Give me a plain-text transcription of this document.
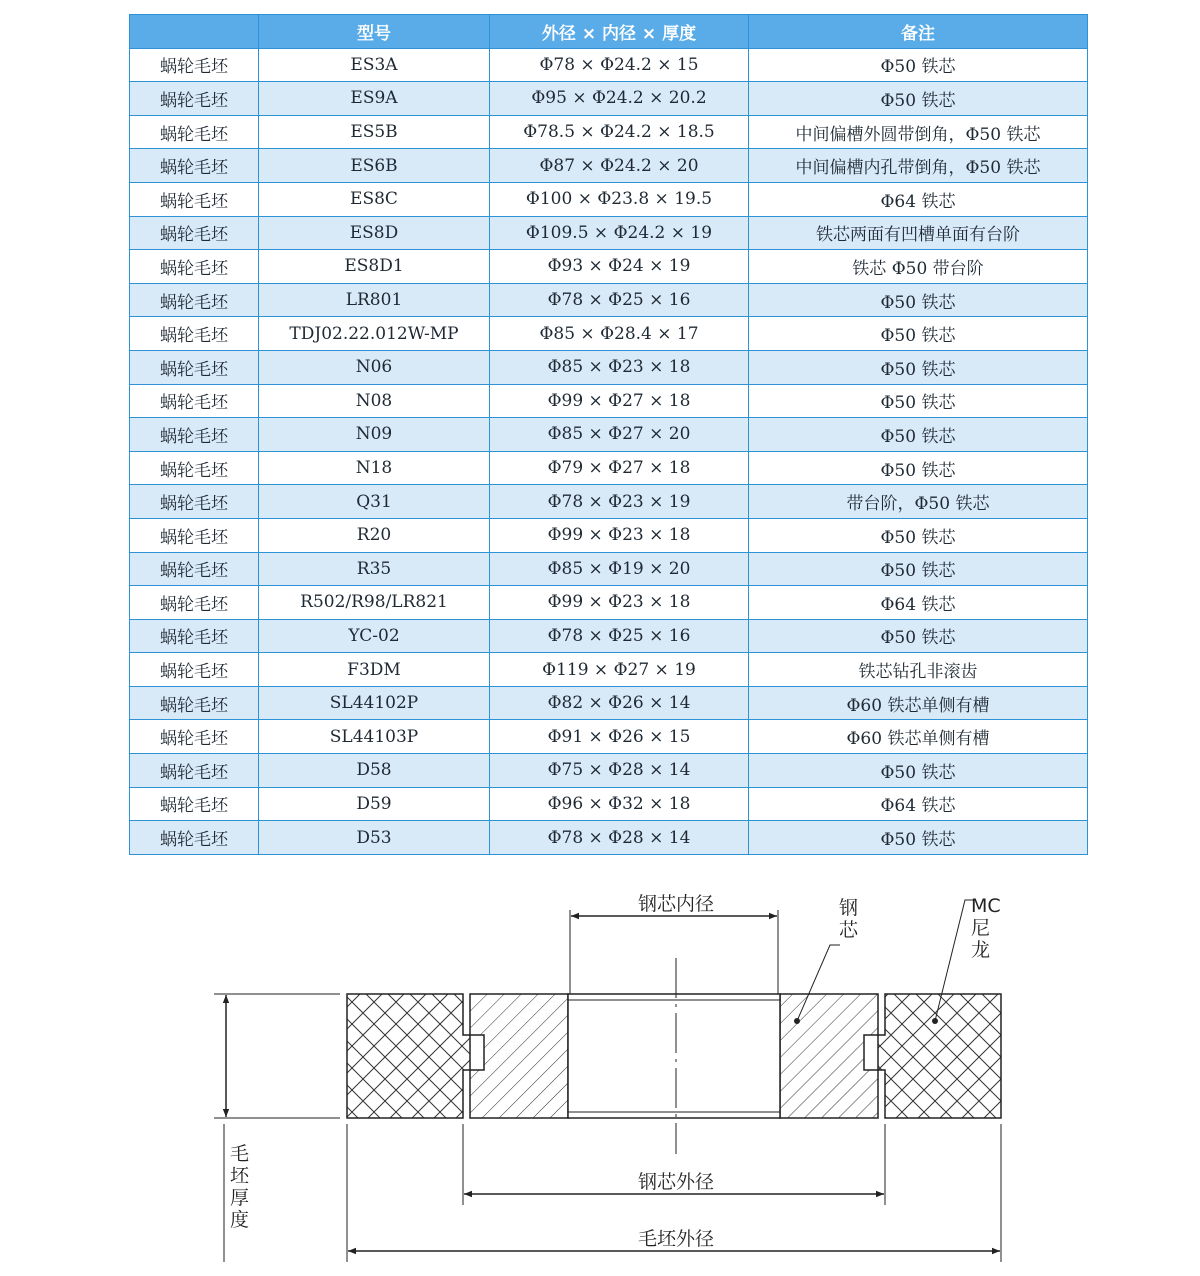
	型号	外径 × 内径 × 厚度	备注
蜗轮毛坯	ES3A	Φ78 × Φ24.2 × 15	Φ50 铁芯
蜗轮毛坯	ES9A	Φ95 × Φ24.2 × 20.2	Φ50 铁芯
蜗轮毛坯	ES5B	Φ78.5 × Φ24.2 × 18.5	中间偏槽外圆带倒角，Φ50 铁芯
蜗轮毛坯	ES6B	Φ87 × Φ24.2 × 20	中间偏槽内孔带倒角，Φ50 铁芯
蜗轮毛坯	ES8C	Φ100 × Φ23.8 × 19.5	Φ64 铁芯
蜗轮毛坯	ES8D	Φ109.5 × Φ24.2 × 19	铁芯两面有凹槽单面有台阶
蜗轮毛坯	ES8D1	Φ93 × Φ24 × 19	铁芯 Φ50 带台阶
蜗轮毛坯	LR801	Φ78 × Φ25 × 16	Φ50 铁芯
蜗轮毛坯	TDJ02.22.012W-MP	Φ85 × Φ28.4 × 17	Φ50 铁芯
蜗轮毛坯	N06	Φ85 × Φ23 × 18	Φ50 铁芯
蜗轮毛坯	N08	Φ99 × Φ27 × 18	Φ50 铁芯
蜗轮毛坯	N09	Φ85 × Φ27 × 20	Φ50 铁芯
蜗轮毛坯	N18	Φ79 × Φ27 × 18	Φ50 铁芯
蜗轮毛坯	Q31	Φ78 × Φ23 × 19	带台阶，Φ50 铁芯
蜗轮毛坯	R20	Φ99 × Φ23 × 18	Φ50 铁芯
蜗轮毛坯	R35	Φ85 × Φ19 × 20	Φ50 铁芯
蜗轮毛坯	R502/R98/LR821	Φ99 × Φ23 × 18	Φ64 铁芯
蜗轮毛坯	YC-02	Φ78 × Φ25 × 16	Φ50 铁芯
蜗轮毛坯	F3DM	Φ119 × Φ27 × 19	铁芯钻孔非滚齿
蜗轮毛坯	SL44102P	Φ82 × Φ26 × 14	Φ60 铁芯单侧有槽
蜗轮毛坯	SL44103P	Φ91 × Φ26 × 15	Φ60 铁芯单侧有槽
蜗轮毛坯	D58	Φ75 × Φ28 × 14	Φ50 铁芯
蜗轮毛坯	D59	Φ96 × Φ32 × 18	Φ64 铁芯
蜗轮毛坯	D53	Φ78 × Φ28 × 14	Φ50 铁芯
钢芯内径
钢芯外径
毛坯外径
毛坯厚度
钢芯
MC 尼龙
